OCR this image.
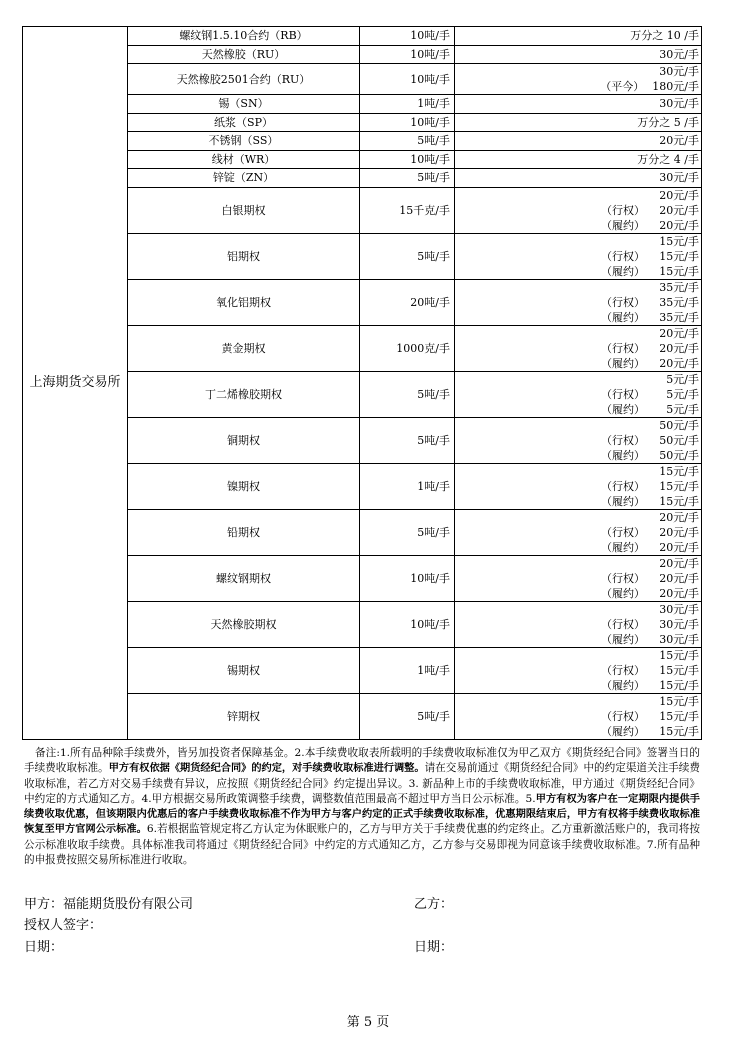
上海期货交易所	螺纹钢1.5.10合约（RB）	10吨/手	万分之 10 /手

	天然橡胶（RU）	10吨/手	30元/手

	天然橡胶2501合约（RU）	10吨/手	30元/手
（平今） 180元/手

	锡（SN）	1吨/手	30元/手

	纸浆（SP）	10吨/手	万分之 5 /手

	不锈钢（SS）	5吨/手	20元/手

	线材（WR）	10吨/手	万分之 4 /手

	锌锭（ZN）	5吨/手	30元/手

	白银期权	15千克/手	20元/手
（行权） 20元/手
（履约） 20元/手

	铝期权	5吨/手	15元/手
（行权） 15元/手
（履约） 15元/手

	氧化铝期权	20吨/手	35元/手
（行权） 35元/手
（履约） 35元/手

	黄金期权	1000克/手	20元/手
（行权） 20元/手
（履约） 20元/手

	丁二烯橡胶期权	5吨/手	5元/手
（行权） 5元/手
（履约） 5元/手

	铜期权	5吨/手	50元/手
（行权） 50元/手
（履约） 50元/手

	镍期权	1吨/手	15元/手
（行权） 15元/手
（履约） 15元/手

	铅期权	5吨/手	20元/手
（行权） 20元/手
（履约） 20元/手

	螺纹钢期权	10吨/手	20元/手
（行权） 20元/手
（履约） 20元/手

	天然橡胶期权	10吨/手	30元/手
（行权） 30元/手
（履约） 30元/手

	锡期权	1吨/手	15元/手
（行权） 15元/手
（履约） 15元/手

	锌期权	5吨/手	15元/手
（行权） 15元/手
（履约） 15元/手
备注:1.所有品种除手续费外，皆另加投资者保障基金。2.本手续费收取表所载明的手续费收取标准仅为甲乙双方《期货经纪合同》签署当日的手续费收取标准。甲方有权依据《期货经纪合同》的约定，对手续费收取标准进行调整。请在交易前通过《期货经纪合同》中的约定渠道关注手续费收取标准，若乙方对交易手续费有异议，应按照《期货经纪合同》约定提出异议。3. 新品种上市的手续费收取标准，甲方通过《期货经纪合同》中约定的方式通知乙方。4.甲方根据交易所政策调整手续费，调整数值范围最高不超过甲方当日公示标准。5.甲方有权为客户在一定期限内提供手续费收取优惠，但该期限内优惠后的客户手续费收取标准不作为甲方与客户约定的正式手续费收取标准，优惠期限结束后，甲方有权将手续费收取标准恢复至甲方官网公示标准。6.若根据监管规定将乙方认定为休眠账户的，乙方与甲方关于手续费优惠的约定终止。乙方重新激活账户的，我司将按公示标准收取手续费。具体标准我司将通过《期货经纪合同》中约定的方式通知乙方，乙方参与交易即视为同意该手续费收取标准。7.所有品种的申报费按照交易所标准进行收取。
甲方：福能期货股份有限公司	乙方：
授权人签字：
日期：	日期：
第 5 页
